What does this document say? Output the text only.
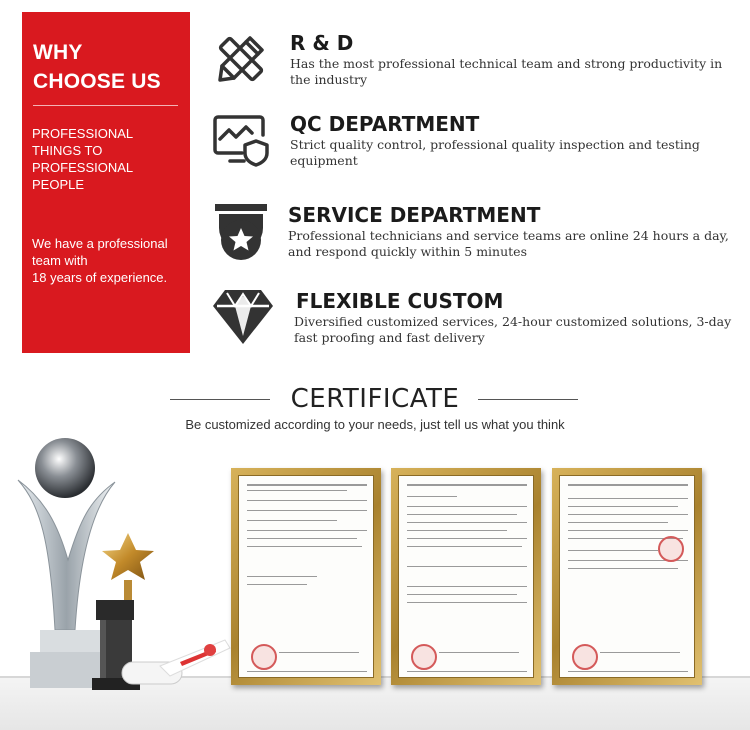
WHY
CHOOSE US
PROFESSIONAL
THINGS TO
PROFESSIONAL
PEOPLE
We have a professional
team with
18 years of experience.
R & D
Has the most professional technical team and strong productivity in
the industry
QC DEPARTMENT
Strict quality control, professional quality inspection and testing
equipment
SERVICE DEPARTMENT
Professional technicians and service teams are online 24 hours a day,
and respond quickly within 5 minutes
FLEXIBLE CUSTOM
Diversified customized services, 24-hour customized solutions, 3-day
fast proofing and fast delivery
CERTIFICATE
Be customized according to your needs, just tell us what you think
